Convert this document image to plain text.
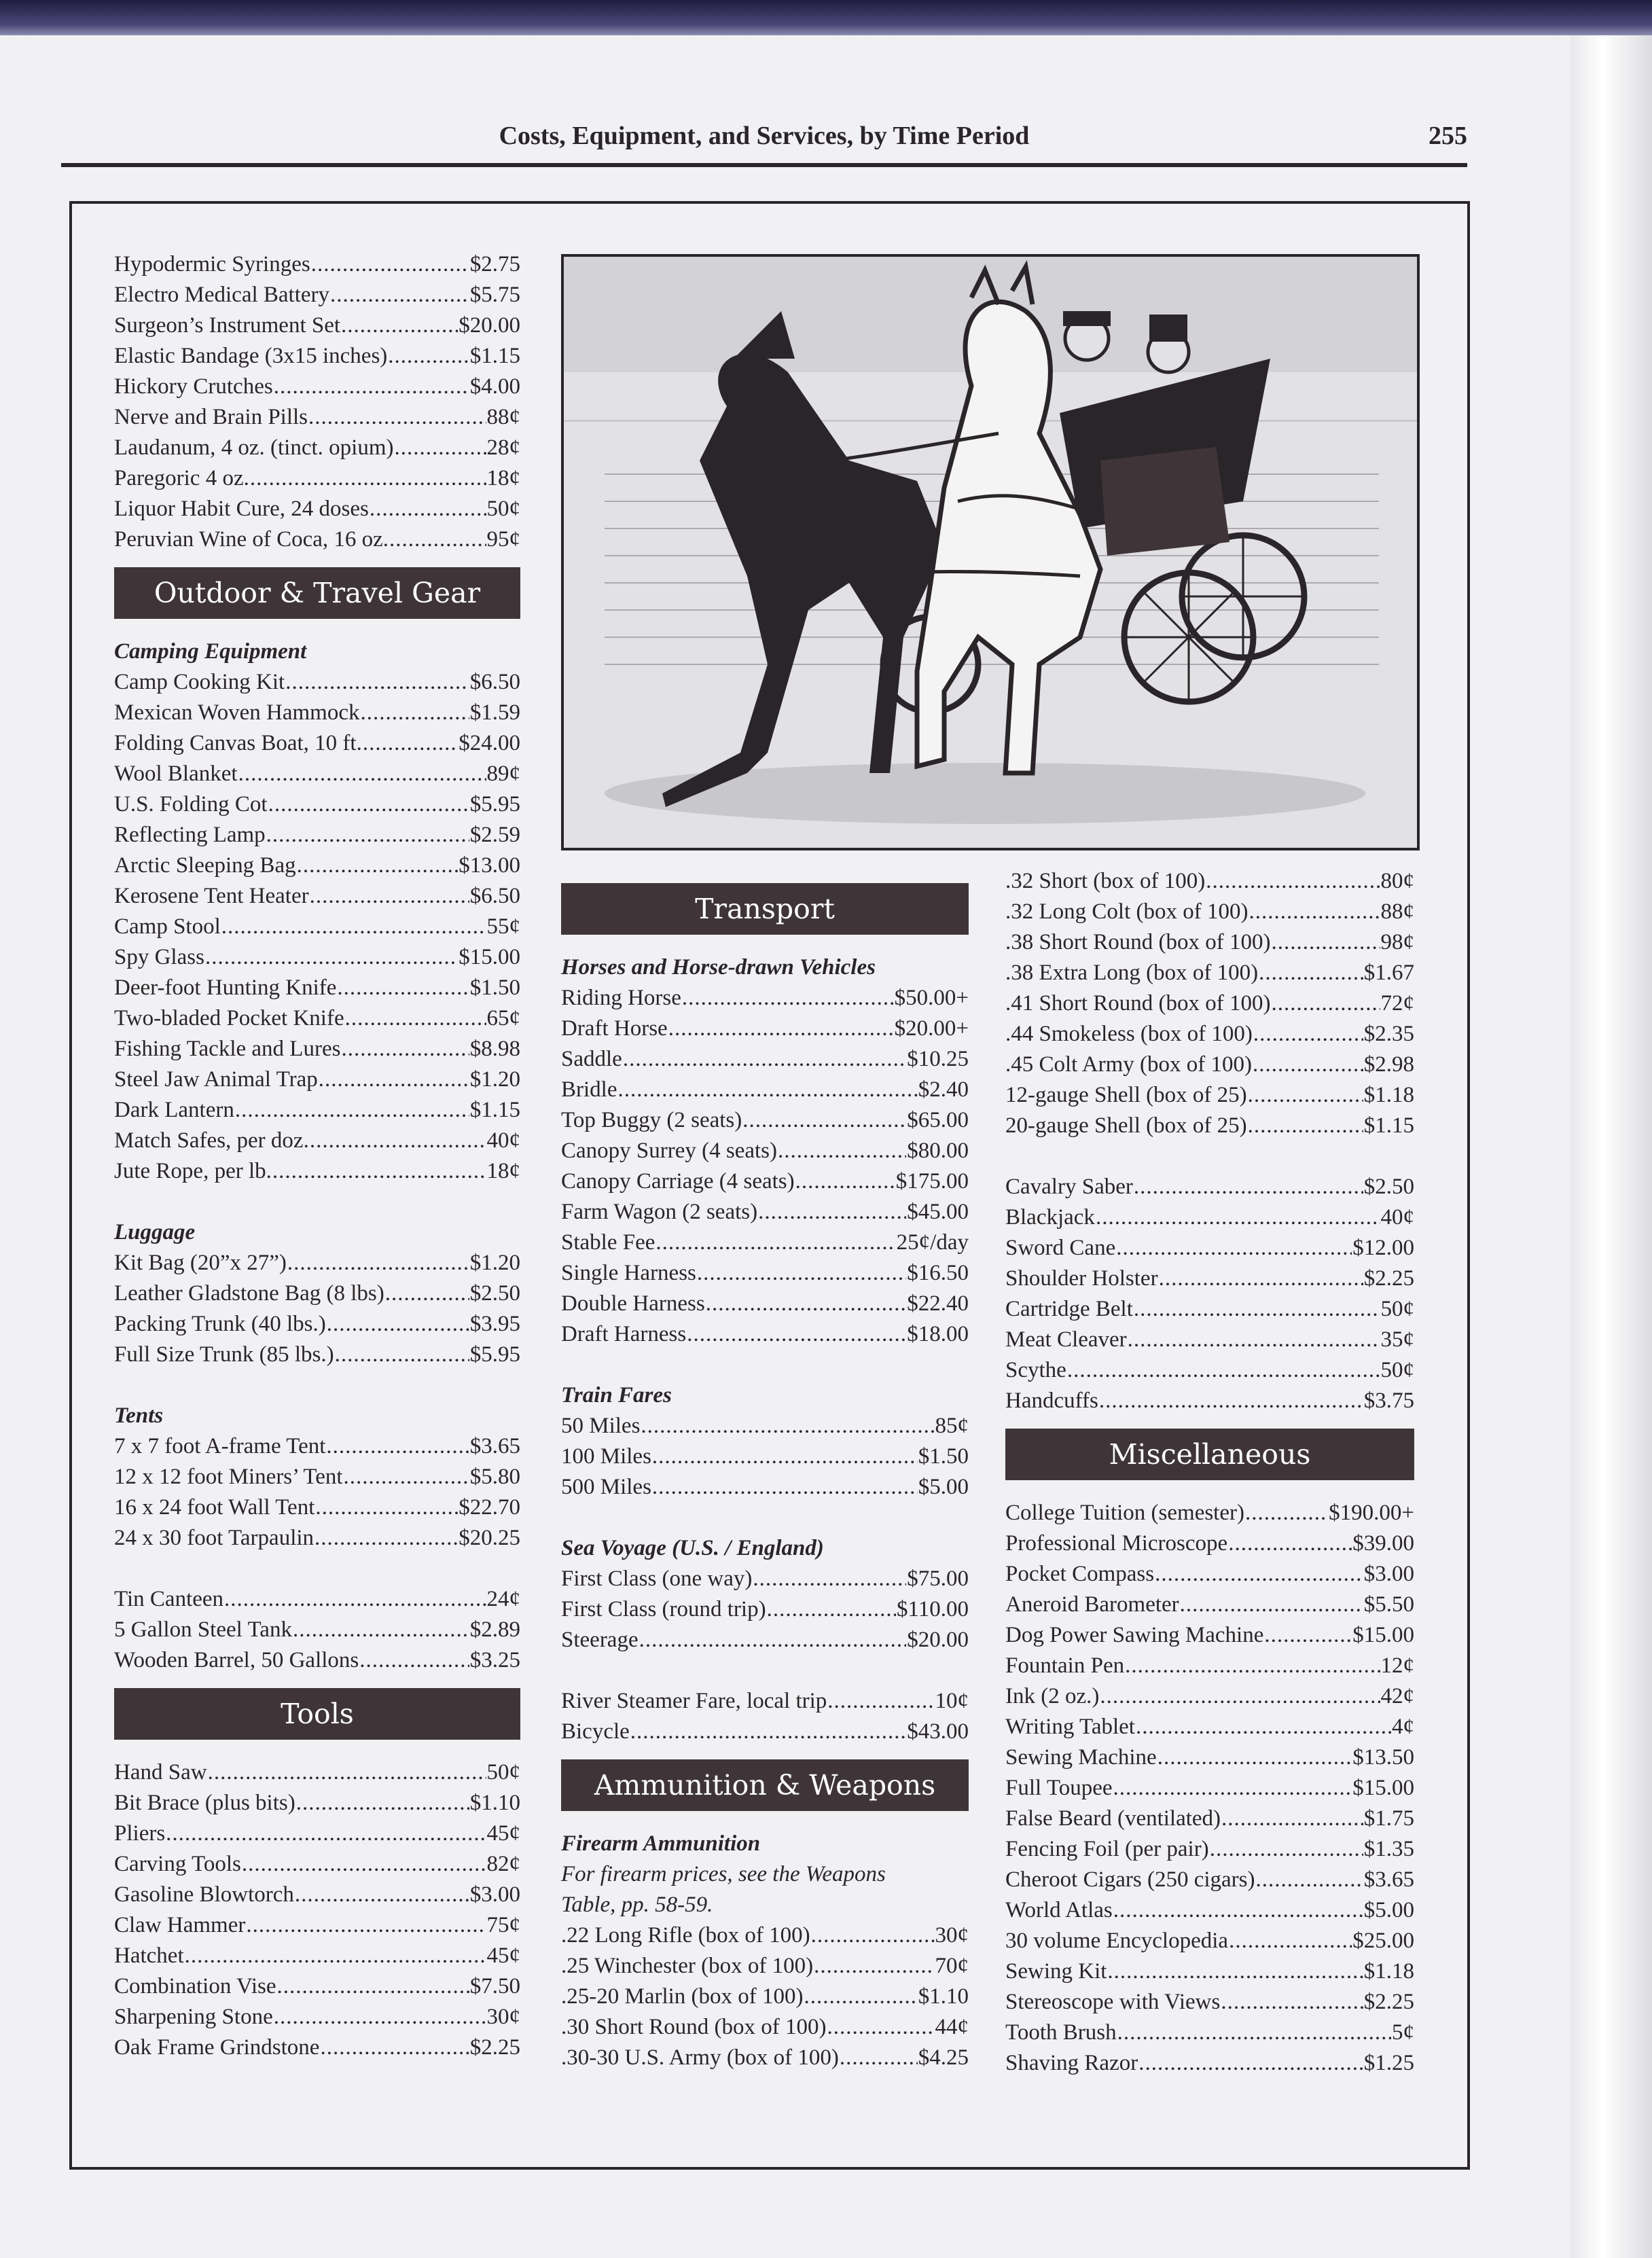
Costs, Equipment, and Services, by Time Period	255
Hypodermic Syringes .....	$2.75
Electro Medical Battery .....	$5.75
Surgeon’s Instrument Set .....	$20.00
Elastic Bandage (3x15 inches) .....	$1.15
Hickory Crutches .....	$4.00
Nerve and Brain Pills .....	88¢
Laudanum, 4 oz. (tinct. opium) .....	28¢
Paregoric 4 oz. .....	18¢
Liquor Habit Cure, 24 doses .....	50¢
Peruvian Wine of Coca, 16 oz. .....	95¢
Outdoor & Travel Gear
Camping Equipment
Camp Cooking Kit .....	$6.50
Mexican Woven Hammock .....	$1.59
Folding Canvas Boat, 10 ft. .....	$24.00
Wool Blanket .....	89¢
U.S. Folding Cot .....	$5.95
Reflecting Lamp .....	$2.59
Arctic Sleeping Bag .....	$13.00
Kerosene Tent Heater .....	$6.50
Camp Stool .....	55¢
Spy Glass .....	$15.00
Deer-foot Hunting Knife .....	$1.50
Two-bladed Pocket Knife .....	65¢
Fishing Tackle and Lures .....	$8.98
Steel Jaw Animal Trap .....	$1.20
Dark Lantern .....	$1.15
Match Safes, per doz. .....	40¢
Jute Rope, per lb. .....	18¢
Luggage
Kit Bag (20”x 27”) .....	$1.20
Leather Gladstone Bag (8 lbs) .....	$2.50
Packing Trunk (40 lbs.) .....	$3.95
Full Size Trunk (85 lbs.) .....	$5.95
Tents
7 x 7 foot A-frame Tent .....	$3.65
12 x 12 foot Miners’ Tent .....	$5.80
16 x 24 foot Wall Tent .....	$22.70
24 x 30 foot Tarpaulin .....	$20.25
Tin Canteen .....	24¢
5 Gallon Steel Tank .....	$2.89
Wooden Barrel, 50 Gallons .....	$3.25
Tools
Hand Saw .....	50¢
Bit Brace (plus bits) .....	$1.10
Pliers .....	45¢
Carving Tools .....	82¢
Gasoline Blowtorch .....	$3.00
Claw Hammer .....	75¢
Hatchet .....	45¢
Combination Vise .....	$7.50
Sharpening Stone .....	30¢
Oak Frame Grindstone .....	$2.25
Transport
Horses and Horse-drawn Vehicles
Riding Horse .....	$50.00+
Draft Horse .....	$20.00+
Saddle .....	$10.25
Bridle .....	$2.40
Top Buggy (2 seats) .....	$65.00
Canopy Surrey (4 seats) .....	$80.00
Canopy Carriage (4 seats) .....	$175.00
Farm Wagon (2 seats) .....	$45.00
Stable Fee .....	25¢/day
Single Harness .....	$16.50
Double Harness .....	$22.40
Draft Harness .....	$18.00
Train Fares
50 Miles .....	85¢
100 Miles .....	$1.50
500 Miles .....	$5.00
Sea Voyage (U.S. / England)
First Class (one way) .....	$75.00
First Class (round trip) .....	$110.00
Steerage .....	$20.00
River Steamer Fare, local trip .....	10¢
Bicycle .....	$43.00
Ammunition & Weapons
Firearm Ammunition
For firearm prices, see the Weapons
Table, pp. 58-59.
.22 Long Rifle (box of 100) .....	30¢
.25 Winchester (box of 100) .....	70¢
.25-20 Marlin (box of 100) .....	$1.10
.30 Short Round (box of 100) .....	44¢
.30-30 U.S. Army (box of 100) .....	$4.25
.32 Short (box of 100) .....	80¢
.32 Long Colt (box of 100) .....	88¢
.38 Short Round (box of 100) .....	98¢
.38 Extra Long (box of 100) .....	$1.67
.41 Short Round (box of 100) .....	72¢
.44 Smokeless (box of 100) .....	$2.35
.45 Colt Army (box of 100) .....	$2.98
12-gauge Shell (box of 25) .....	$1.18
20-gauge Shell (box of 25) .....	$1.15
Cavalry Saber .....	$2.50
Blackjack .....	40¢
Sword Cane .....	$12.00
Shoulder Holster .....	$2.25
Cartridge Belt .....	50¢
Meat Cleaver .....	35¢
Scythe .....	50¢
Handcuffs .....	$3.75
Miscellaneous
College Tuition (semester) .....	$190.00+
Professional Microscope .....	$39.00
Pocket Compass .....	$3.00
Aneroid Barometer .....	$5.50
Dog Power Sawing Machine .....	$15.00
Fountain Pen .....	12¢
Ink (2 oz.) .....	42¢
Writing Tablet .....	4¢
Sewing Machine .....	$13.50
Full Toupee .....	$15.00
False Beard (ventilated) .....	$1.75
Fencing Foil (per pair) .....	$1.35
Cheroot Cigars (250 cigars) .....	$3.65
World Atlas .....	$5.00
30 volume Encyclopedia .....	$25.00
Sewing Kit .....	$1.18
Stereoscope with Views .....	$2.25
Tooth Brush .....	5¢
Shaving Razor .....	$1.25
